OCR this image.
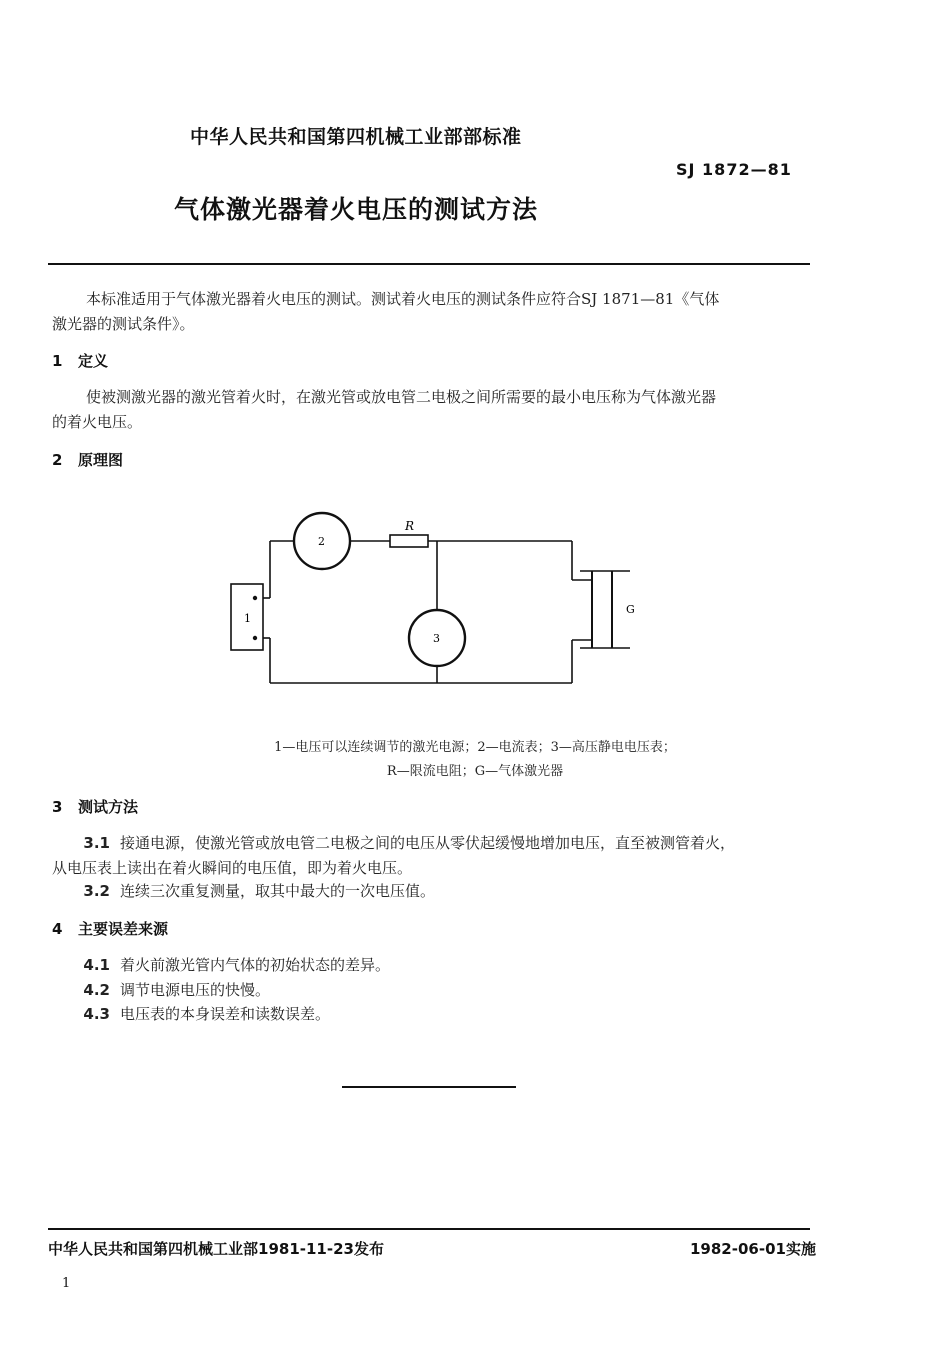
中华人民共和国第四机械工业部部标准
SJ 1872—81
气体激光器着火电压的测试方法
本标准适用于气体激光器着火电压的测试。测试着火电压的测试条件应符合SJ 1871—81《气体
激光器的测试条件》。
1 定义
使被测激光器的激光管着火时，在激光管或放电管二电极之间所需要的最小电压称为气体激光器
的着火电压。
2 原理图
1
2
3
R
G
1—电压可以连续调节的激光电源；2—电流表；3—高压静电电压表；
R—限流电阻；G—气体激光器
3 测试方法
3.1 接通电源，使激光管或放电管二电极之间的电压从零伏起缓慢地增加电压，直至被测管着火，
从电压表上读出在着火瞬间的电压值，即为着火电压。
3.2 连续三次重复测量，取其中最大的一次电压值。
4 主要误差来源
4.1 着火前激光管内气体的初始状态的差异。
4.2 调节电源电压的快慢。
4.3 电压表的本身误差和读数误差。
中华人民共和国第四机械工业部1981-11-23发布	1982-06-01实施
1
